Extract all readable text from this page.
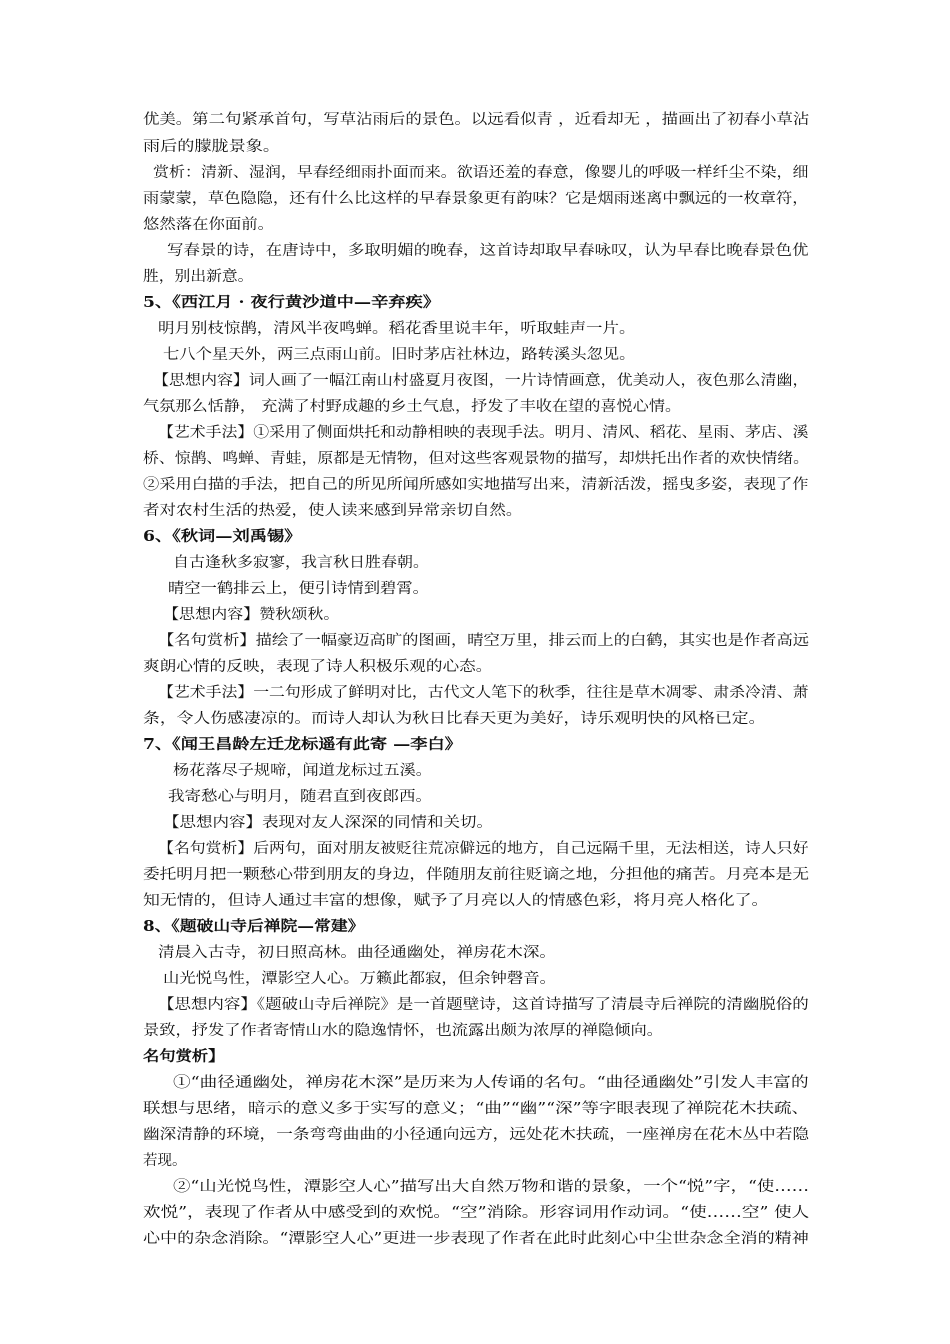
优美。第二句紧承首句，写草沾雨后的景色。以远看似青 ，近看却无 ，描画出了初春小草沾
雨后的朦胧景象。
赏析：清新、湿润，早春经细雨扑面而来。欲语还羞的春意，像婴儿的呼吸一样纤尘不染，细
雨蒙蒙，草色隐隐，还有什么比这样的早春景象更有韵味？它是烟雨迷离中飘远的一枚章符，
悠然落在你面前。
写春景的诗，在唐诗中，多取明媚的晚春，这首诗却取早春咏叹，认为早春比晚春景色优
胜，别出新意。
5、《西江月 · 夜行黄沙道中—辛弃疾》
明月别枝惊鹊，清风半夜鸣蝉。稻花香里说丰年，听取蛙声一片。
七八个星天外，两三点雨山前。旧时茅店社林边，路转溪头忽见。
【思想内容】词人画了一幅江南山村盛夏月夜图，一片诗情画意，优美动人，夜色那么清幽，
气氛那么恬静， 充满了村野成趣的乡土气息，抒发了丰收在望的喜悦心情。
【艺术手法】①采用了侧面烘托和动静相映的表现手法。明月、清风、稻花、星雨、茅店、溪
桥、惊鹊、鸣蝉、青蛙，原都是无情物，但对这些客观景物的描写，却烘托出作者的欢快情绪。
②采用白描的手法，把自己的所见所闻所感如实地描写出来，清新活泼，摇曳多姿，表现了作
者对农村生活的热爱，使人读来感到异常亲切自然。
6、《秋词—刘禹锡》
自古逢秋多寂寥，我言秋日胜春朝。
晴空一鹤排云上，便引诗情到碧霄。
【思想内容】赞秋颂秋。
【名句赏析】描绘了一幅豪迈高旷的图画，晴空万里，排云而上的白鹤，其实也是作者高远
爽朗心情的反映，表现了诗人积极乐观的心态。
【艺术手法】一二句形成了鲜明对比，古代文人笔下的秋季，往往是草木凋零、肃杀冷清、萧
条，令人伤感凄凉的。而诗人却认为秋日比春天更为美好，诗乐观明快的风格已定。
7、《闻王昌龄左迁龙标遥有此寄 —李白》
杨花落尽子规啼，闻道龙标过五溪。
我寄愁心与明月，随君直到夜郎西。
【思想内容】表现对友人深深的同情和关切。
【名句赏析】后两句，面对朋友被贬往荒凉僻远的地方，自己远隔千里，无法相送，诗人只好
委托明月把一颗愁心带到朋友的身边，伴随朋友前往贬谪之地，分担他的痛苦。月亮本是无
知无情的，但诗人通过丰富的想像，赋予了月亮以人的情感色彩，将月亮人格化了。
8、《题破山寺后禅院—常建》
清晨入古寺，初日照高林。曲径通幽处，禅房花木深。
山光悦鸟性，潭影空人心。万籁此都寂，但余钟磬音。
【思想内容】《题破山寺后禅院》是一首题壁诗，这首诗描写了清晨寺后禅院的清幽脱俗的
景致，抒发了作者寄情山水的隐逸情怀，也流露出颇为浓厚的禅隐倾向。
名句赏析】
①“曲径通幽处，禅房花木深”是历来为人传诵的名句。“曲径通幽处”引发人丰富的
联想与思绪，暗示的意义多于实写的意义；“曲”“幽”“深”等字眼表现了禅院花木扶疏、
幽深清静的环境，一条弯弯曲曲的小径通向远方，远处花木扶疏，一座禅房在花木丛中若隐
若现。
②“山光悦鸟性，潭影空人心”描写出大自然万物和谐的景象，一个“悦”字，“使……
欢悦”，表现了作者从中感受到的欢悦。“空”消除。形容词用作动词。“使……空” 使人
心中的杂念消除。“潭影空人心”更进一步表现了作者在此时此刻心中尘世杂念全消的精神
